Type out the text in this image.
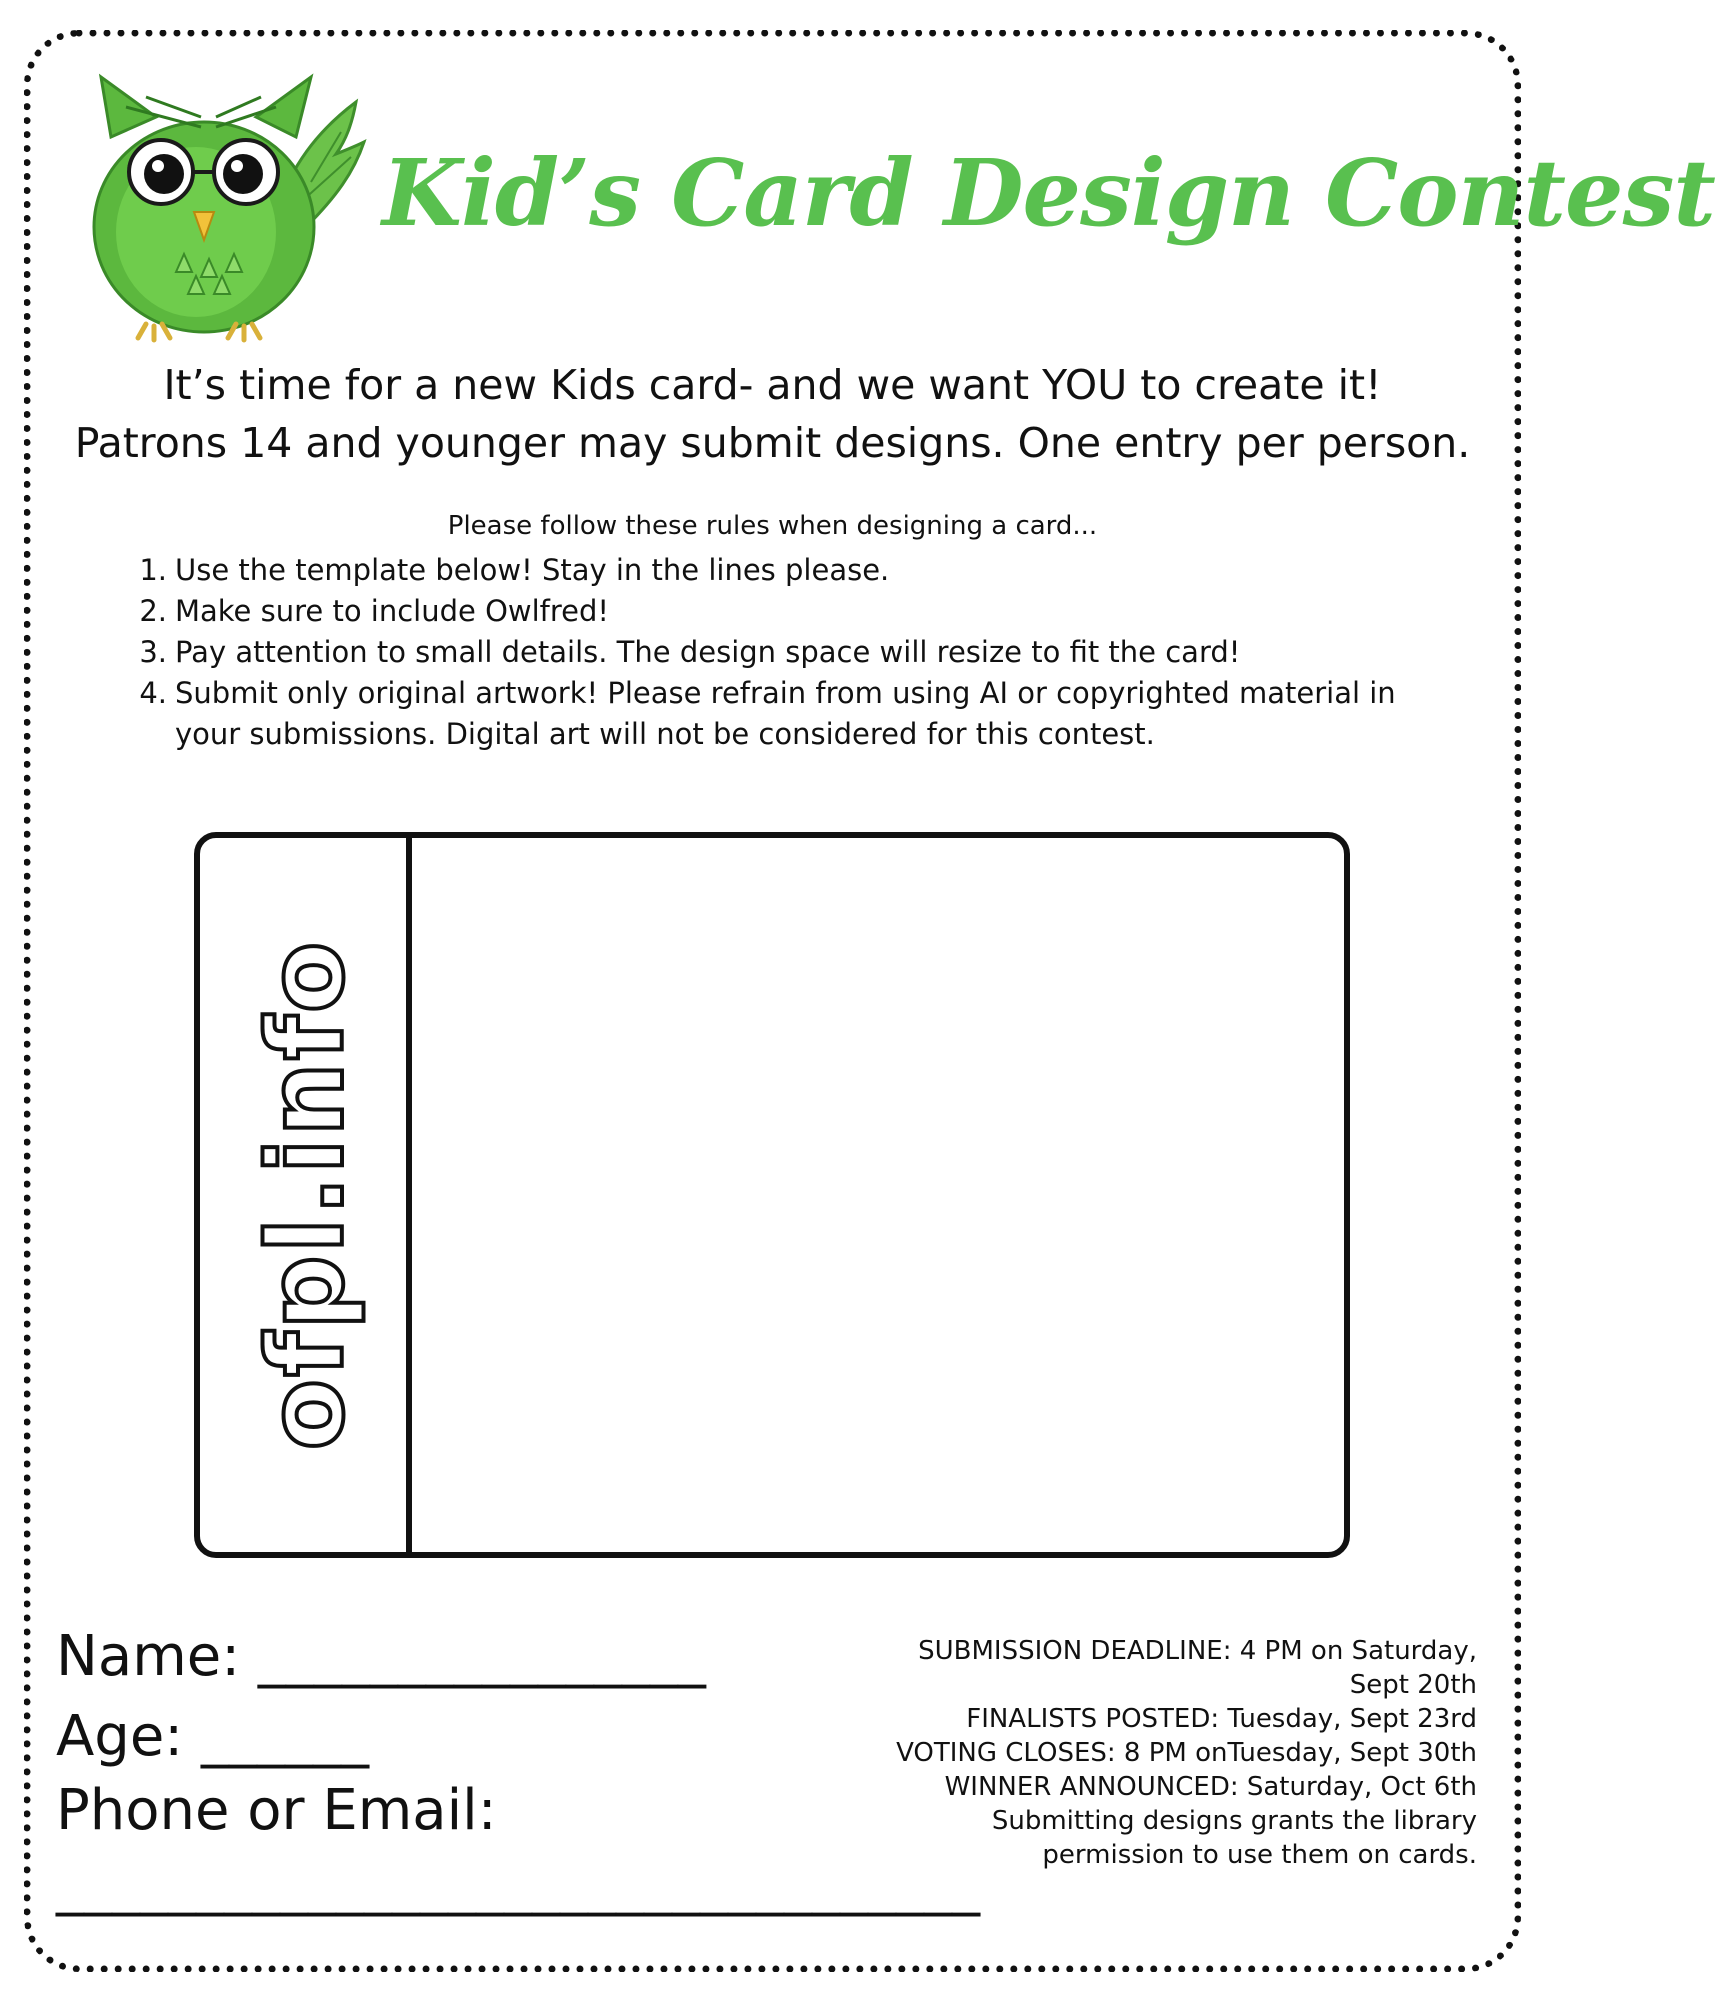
Kid’s Card Design Contest
It’s time for a new Kids card- and we want YOU to create it!
Patrons 14 and younger may submit designs. One entry per person.
Please follow these rules when designing a card...
1. Use the template below! Stay in the lines please.
2. Make sure to include Owlfred!
3. Pay attention to small details. The design space will resize to fit the card!
4. Submit only original artwork! Please refrain from using AI or copyrighted material in your submissions. Digital art will not be considered for this contest.
ofpl.info
Name: ________________
Age: ______
Phone or Email:
_________________________________
SUBMISSION DEADLINE: 4 PM on Saturday, Sept 20th
FINALISTS POSTED: Tuesday, Sept 23rd
VOTING CLOSES: 8 PM onTuesday, Sept 30th
WINNER ANNOUNCED: Saturday, Oct 6th
Submitting designs grants the library permission to use them on cards.
